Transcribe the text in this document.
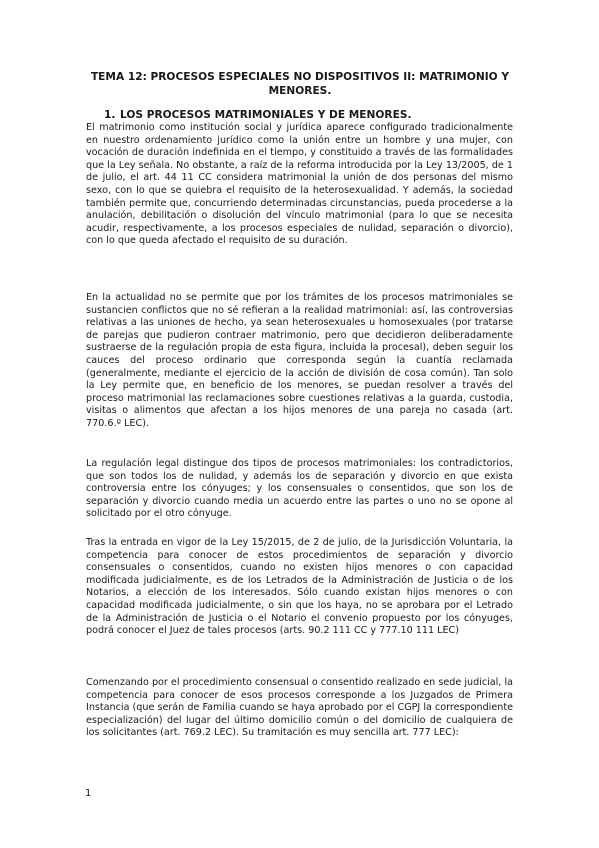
TEMA 12: PROCESOS ESPECIALES NO DISPOSITIVOS II: MATRIMONIO Y MENORES.
1. LOS PROCESOS MATRIMONIALES Y DE MENORES.

El matrimonio como institución social y jurídica aparece configurado tradicionalmente en nuestro ordenamiento jurídico como la unión entre un hombre y una mujer, con vocación de duración indefinida en el tiempo, y constituido a través de las formalidades que la Ley señala. No obstante, a raíz de la reforma introducida por la Ley 13/2005, de 1 de julio, el art. 44 11 CC considera matrimonial la unión de dos personas del mismo sexo, con lo que se quiebra el requisito de la heterosexualidad. Y además, la sociedad también permite que, concurriendo determinadas circunstancias, pueda procederse a la anulación, debilitación o disolución del vínculo matrimonial (para lo que se necesita acudir, respectivamente, a los procesos especiales de nulidad, separación o divorcio), con lo que queda afectado el requisito de su duración.

En la actualidad no se permite que por los trámites de los procesos matrimoniales se sustancien conflictos que no sé refieran a la realidad matrimonial: así, las controversias relativas a las uniones de hecho, ya sean heterosexuales u homosexuales (por tratarse de parejas que pudieron contraer matrimonio, pero que decidieron deliberadamente sustraerse de la regulación propia de esta figura, incluida la procesal), deben seguir los cauces del proceso ordinario que corresponda según la cuantía reclamada (generalmente, mediante el ejercicio de la acción de división de cosa común). Tan solo la Ley permite que, en beneficio de los menores, se puedan resolver a través del proceso matrimonial las reclamaciones sobre cuestiones relativas a la guarda, custodia, visitas o alimentos que afectan a los hijos menores de una pareja no casada (art. 770.6.º LEC).

La regulación legal distingue dos tipos de procesos matrimoniales: los contradictorios, que son todos los de nulidad, y además los de separación y divorcio en que exista controversia entre los cónyuges; y los consensuales o consentidos, que son los de separación y divorcio cuando media un acuerdo entre las partes o uno no se opone al solicitado por el otro cónyuge.

Tras la entrada en vigor de la Ley 15/2015, de 2 de julio, de la Jurisdicción Voluntaria, la competencia para conocer de estos procedimientos de separación y divorcio consensuales o consentidos, cuando no existen hijos menores o con capacidad modificada judicialmente, es de los Letrados de la Administración de Justicia o de los Notarios, a elección de los interesados. Sólo cuando existan hijos menores o con capacidad modificada judicialmente, o sin que los haya, no se aprobara por el Letrado de la Administración de Justicia o el Notario el convenio propuesto por los cónyuges, podrá conocer el Juez de tales procesos (arts. 90.2 111 CC y 777.10 111 LEC)

Comenzando por el procedimiento consensual o consentido realizado en sede judicial, la competencia para conocer de esos procesos corresponde a los Juzgados de Primera Instancia (que serán de Familia cuando se haya aprobado por el CGPJ la correspondiente especialización) del lugar del último domicilio común o del domicilio de cualquiera de los solicitantes (art. 769.2 LEC). Su tramitación es muy sencilla art. 777 LEC):

1
